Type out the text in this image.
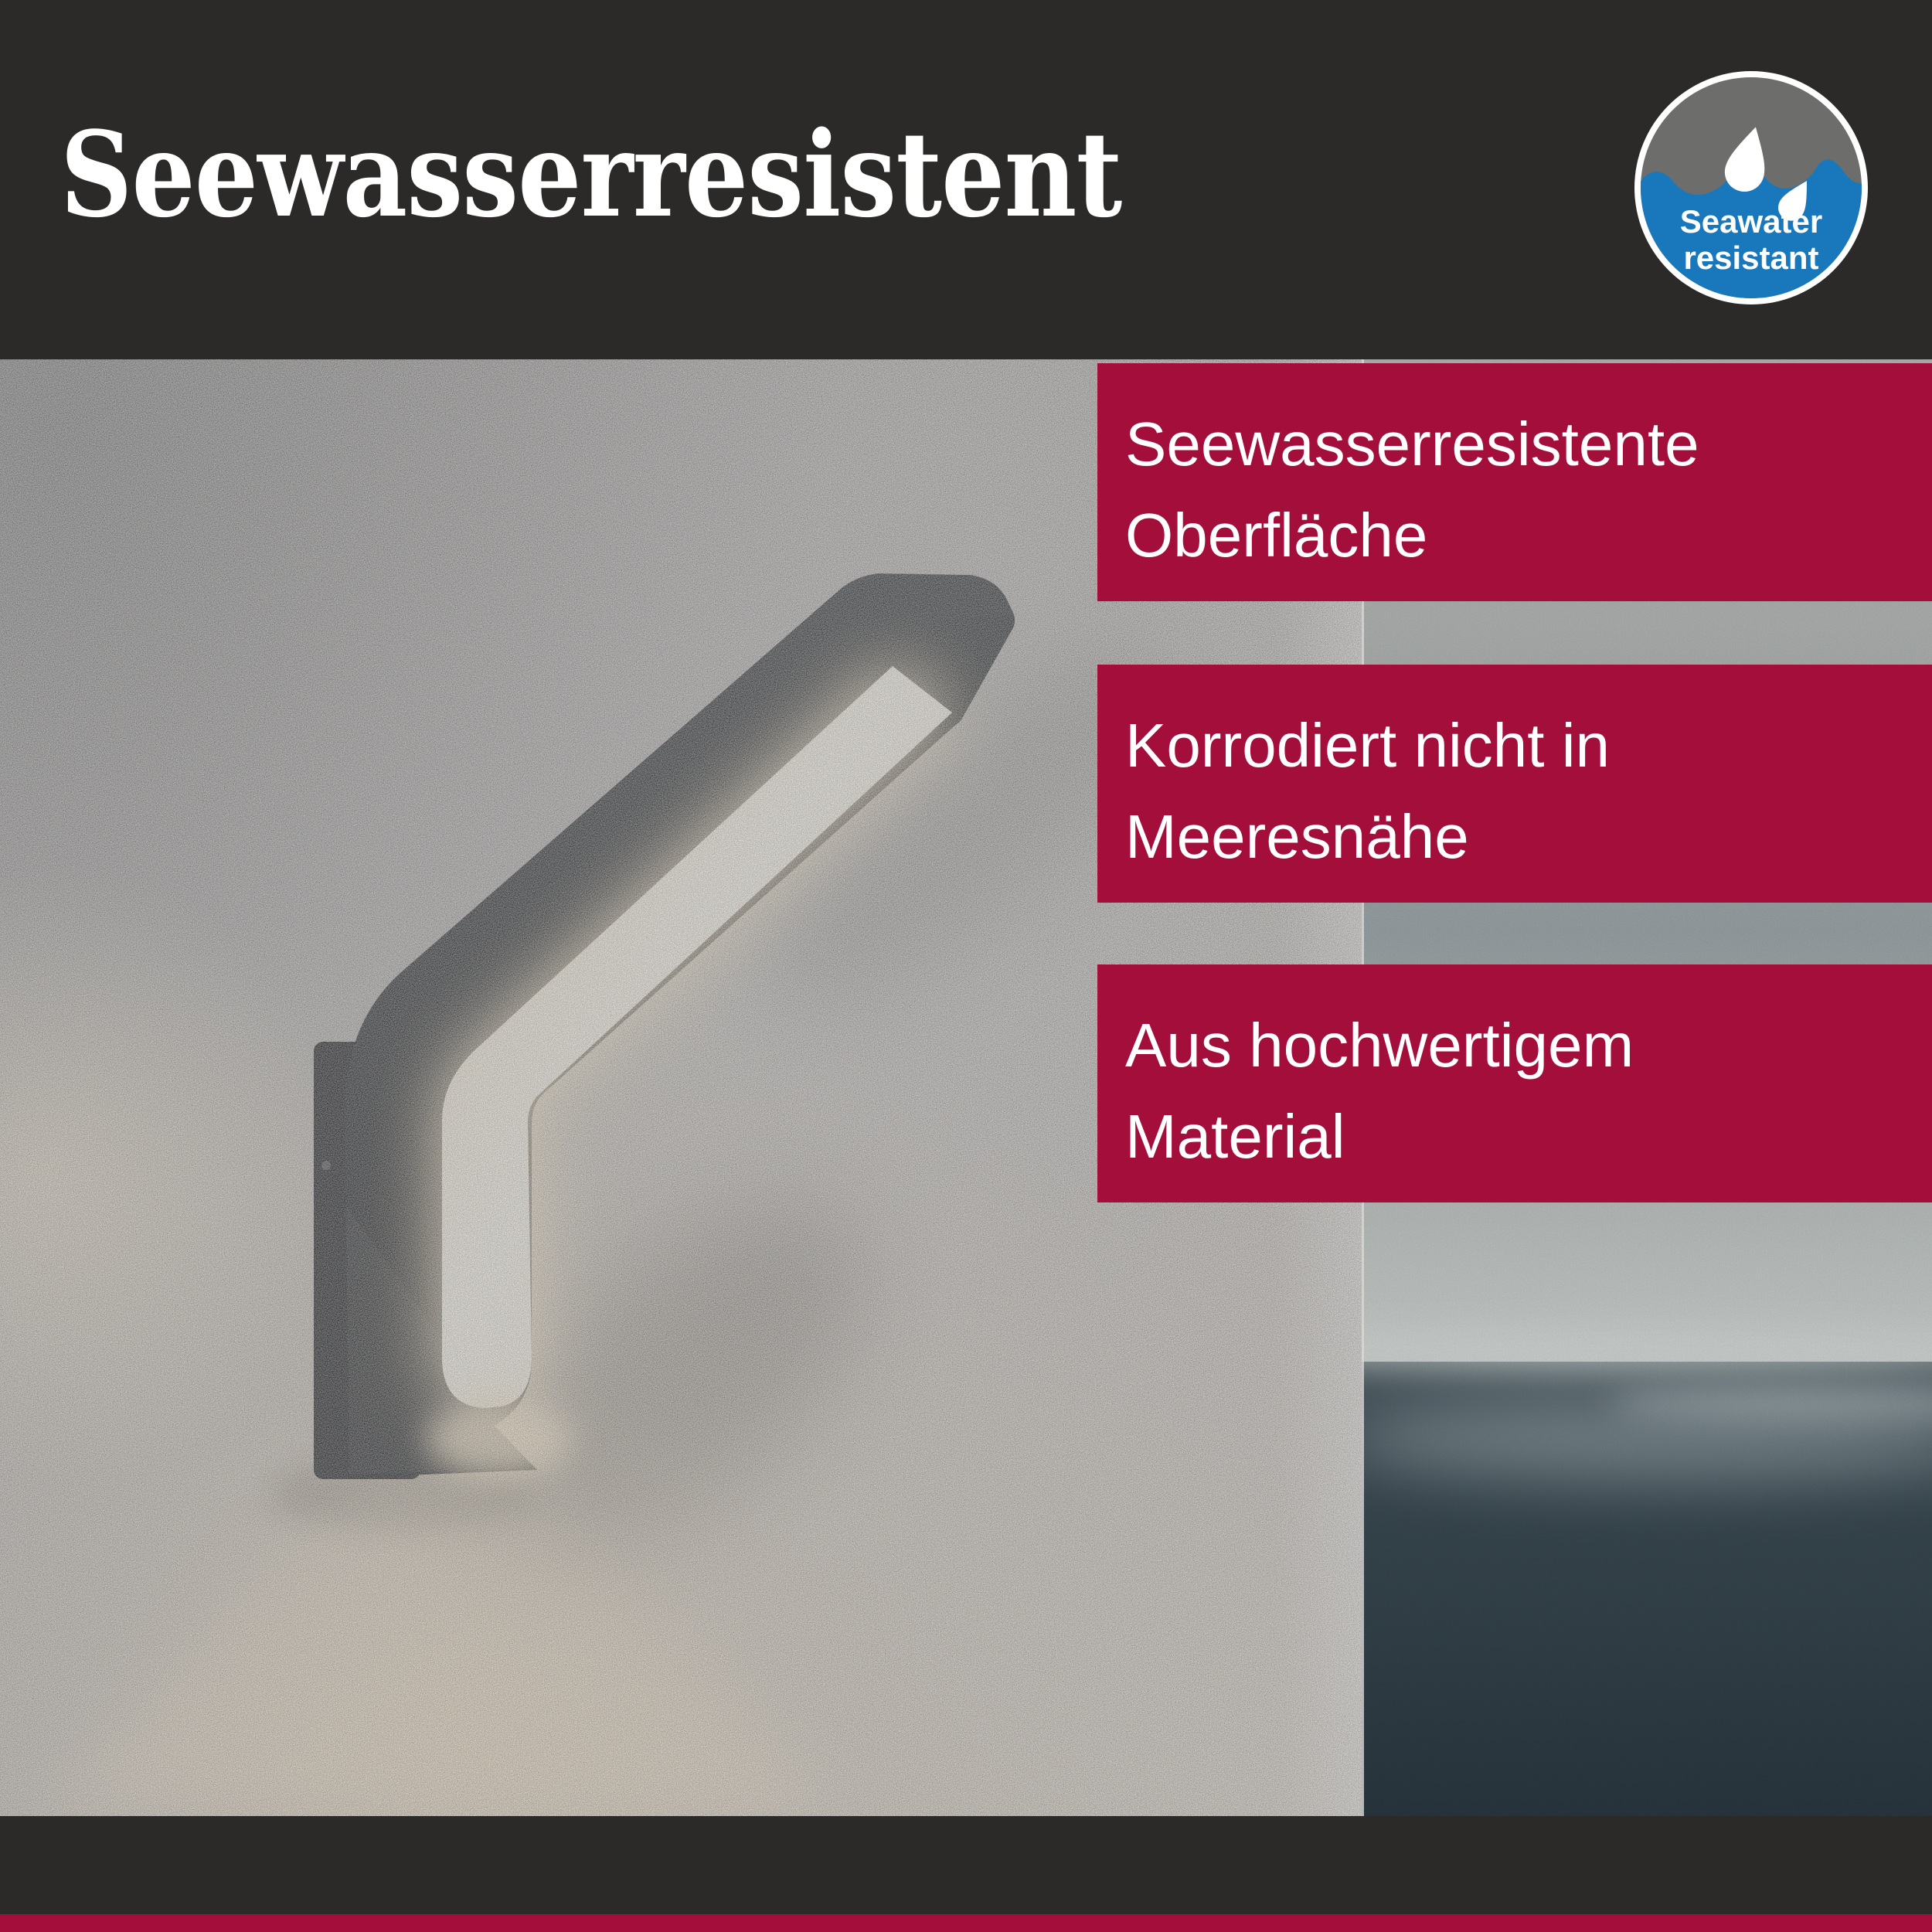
Seewasserresistent	Seawater
resistant
Seewasserresistente
Oberfläche
Korrodiert nicht in
Meeresnähe
Aus hochwertigem
Material
